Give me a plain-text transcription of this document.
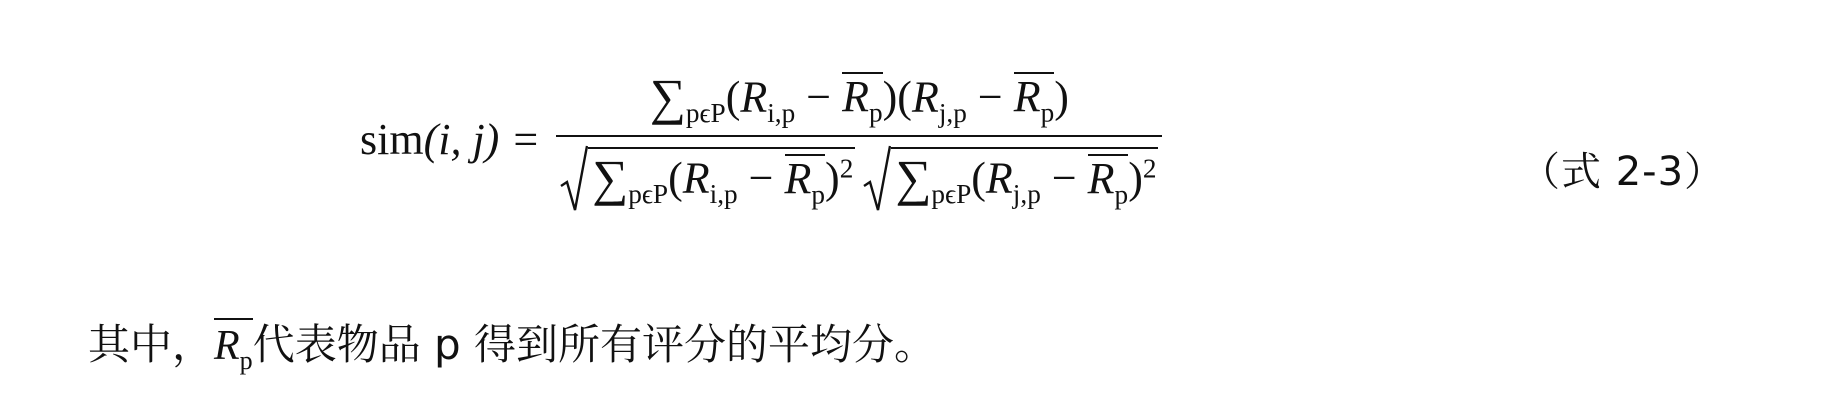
sim(i, j) =
$\sum_{p\epsilon P}(R_{i,p} - R_p)(R_{j,p} - R_p)$
$\sum_{p\epsilon P}(R_{i,p} - R_p)^2$ $\sum_{p\epsilon P}(R_{j,p} - R_p)^2$	（式 2-3）
其中，$R_p$代表物品 p 得到所有评分的平均分。
